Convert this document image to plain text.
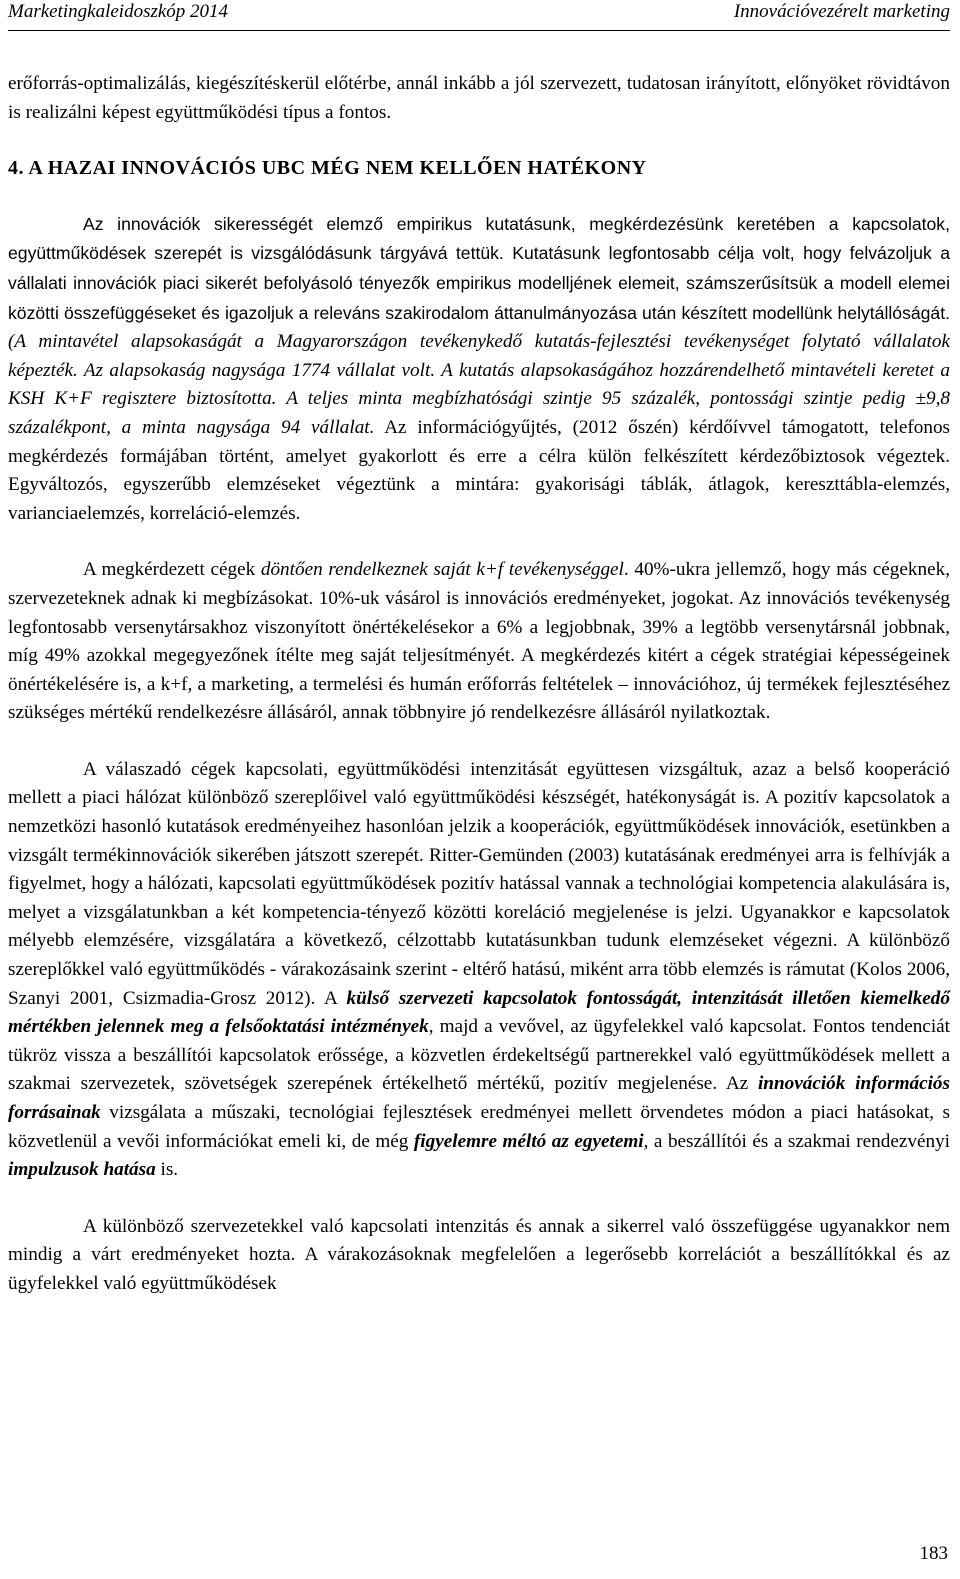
Marketingkaleidoszkóp 2014	Innovációvezérelt marketing

erőforrás-optimalizálás, kiegészítéskerül előtérbe, annál inkább a jól szervezett, tudatosan irányított, előnyöket rövidtávon is realizálni képest együttműködési típus a fontos.

4. A HAZAI INNOVÁCIÓS UBC MÉG NEM KELLŐEN HATÉKONY

Az innovációk sikerességét elemző empirikus kutatásunk, megkérdezésünk keretében a kapcsolatok, együttműködések szerepét is vizsgálódásunk tárgyává tettük. Kutatásunk legfontosabb célja volt, hogy felvázoljuk a vállalati innovációk piaci sikerét befolyásoló tényezők empirikus modelljének elemeit, számszerűsítsük a modell elemei közötti összefüggéseket és igazoljuk a releváns szakirodalom áttanulmányozása után készített modellünk helytállóságát. (A mintavétel alapsokaságát a Magyarországon tevékenykedő kutatás-fejlesztési tevékenységet folytató vállalatok képezték. Az alapsokaság nagysága 1774 vállalat volt. A kutatás alapsokaságához hozzárendelhető mintavételi keretet a KSH K+F regisztere biztosította. A teljes minta megbízhatósági szintje 95 százalék, pontossági szintje pedig ±9,8 százalékpont, a minta nagysága 94 vállalat. Az információgyűjtés, (2012 őszén) kérdőívvel támogatott, telefonos megkérdezés formájában történt, amelyet gyakorlott és erre a célra külön felkészített kérdezőbiztosok végeztek. Egyváltozós, egyszerűbb elemzéseket végeztünk a mintára: gyakorisági táblák, átlagok, kereszttábla-elemzés, varianciaelemzés, korreláció-elemzés.

A megkérdezett cégek döntően rendelkeznek saját k+f tevékenységgel. 40%-ukra jellemző, hogy más cégeknek, szervezeteknek adnak ki megbízásokat. 10%-uk vásárol is innovációs eredményeket, jogokat. Az innovációs tevékenység legfontosabb versenytársakhoz viszonyított önértékelésekor a 6% a legjobbnak, 39% a legtöbb versenytársnál jobbnak, míg 49% azokkal megegyezőnek ítélte meg saját teljesítményét. A megkérdezés kitért a cégek stratégiai képességeinek önértékelésére is, a k+f, a marketing, a termelési és humán erőforrás feltételek – innovációhoz, új termékek fejlesztéséhez szükséges mértékű rendelkezésre állásáról, annak többnyire jó rendelkezésre állásáról nyilatkoztak.

A válaszadó cégek kapcsolati, együttműködési intenzitását együttesen vizsgáltuk, azaz a belső kooperáció mellett a piaci hálózat különböző szereplőivel való együttműködési készségét, hatékonyságát is. A pozitív kapcsolatok a nemzetközi hasonló kutatások eredményeihez hasonlóan jelzik a kooperációk, együttműködések innovációk, esetünkben a vizsgált termékinnovációk sikerében játszott szerepét. Ritter-Gemünden (2003) kutatásának eredményei arra is felhívják a figyelmet, hogy a hálózati, kapcsolati együttműködések pozitív hatással vannak a technológiai kompetencia alakulására is, melyet a vizsgálatunkban a két kompetencia-tényező közötti koreláció megjelenése is jelzi. Ugyanakkor e kapcsolatok mélyebb elemzésére, vizsgálatára a következő, célzottabb kutatásunkban tudunk elemzéseket végezni. A különböző szereplőkkel való együttműködés - várakozásaink szerint - eltérő hatású, miként arra több elemzés is rámutat (Kolos 2006, Szanyi 2001, Csizmadia-Grosz 2012). A külső szervezeti kapcsolatok fontosságát, intenzitását illetően kiemelkedő mértékben jelennek meg a felsőoktatási intézmények, majd a vevővel, az ügyfelekkel való kapcsolat. Fontos tendenciát tükröz vissza a beszállítói kapcsolatok erőssége, a közvetlen érdekeltségű partnerekkel való együttműködések mellett a szakmai szervezetek, szövetségek szerepének értékelhető mértékű, pozitív megjelenése. Az innovációk információs forrásainak vizsgálata a műszaki, tecnológiai fejlesztések eredményei mellett örvendetes módon a piaci hatásokat, s közvetlenül a vevői információkat emeli ki, de még figyelemre méltó az egyetemi, a beszállítói és a szakmai rendezvényi impulzusok hatása is.

A különböző szervezetekkel való kapcsolati intenzitás és annak a sikerrel való összefüggése ugyanakkor nem mindig a várt eredményeket hozta. A várakozásoknak megfelelően a legerősebb korrelációt a beszállítókkal és az ügyfelekkel való együttműködések

183
